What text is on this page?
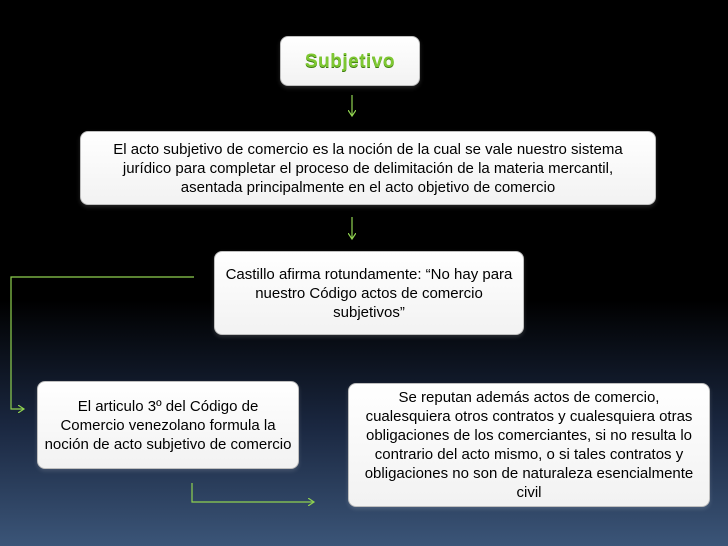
Subjetivo
El acto subjetivo de comercio es la noción de la cual se vale nuestro sistema jurídico para completar el proceso de delimitación de la materia mercantil, asentada principalmente en el acto objetivo de comercio
Castillo afirma rotundamente: “No hay para nuestro Código actos de comercio subjetivos”
El articulo 3º del Código de Comercio venezolano formula la noción de acto subjetivo de comercio
Se reputan además actos de comercio, cualesquiera otros contratos y cualesquiera otras obligaciones de los comerciantes, si no resulta lo contrario del acto mismo, o si tales contratos y obligaciones no son de naturaleza esencialmente civil
